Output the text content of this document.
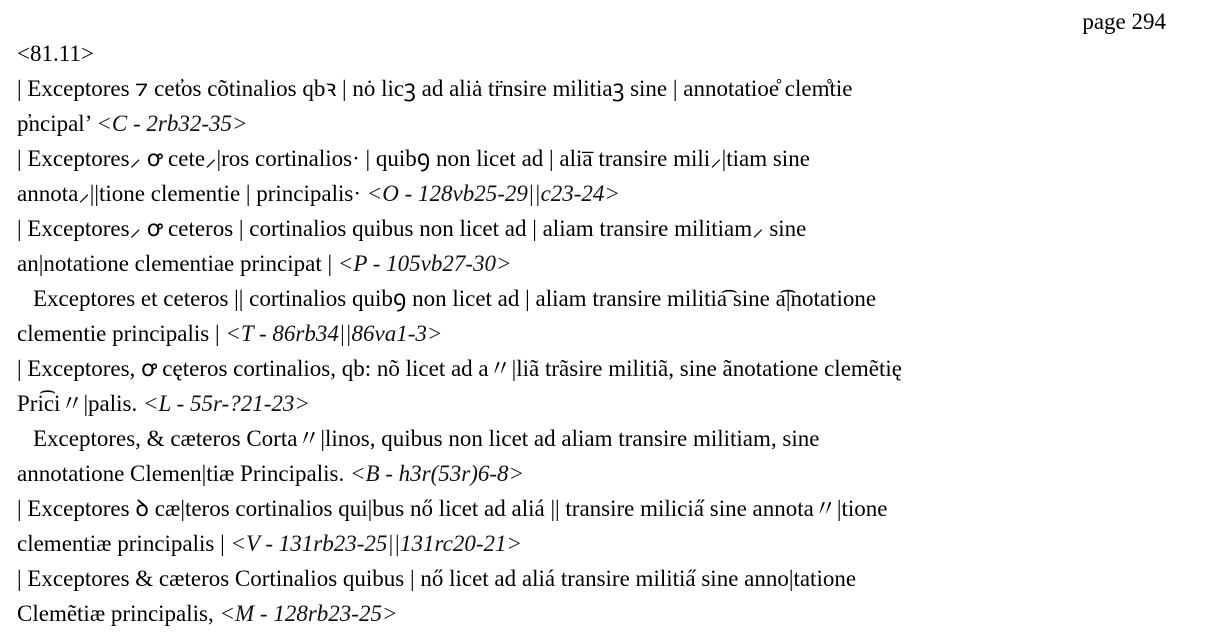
page 294
<81.11>
| Exceptores ⁊ cet̕os cõtinalios qbꝛ | nȯ licꝫ ad aliȧ tr̈nsire militiaꝫ sine | annotatioe̊ clem̊tie
p̕ncipal’ <C - 2rb32-35>
| Exceptores⸝ ꝍ cete⸝|ros cortinalios· | quibꝯ non licet ad | alia̅ transire mili⸝|tiam sine
annota⸝||tione clementie | principalis· <O - 128vb25-29||c23-24>
| Exceptores⸝ ꝍ ceteros | cortinalios quibus non licet ad | aliam transire militiam⸝ sine
an|notatione clementiae principat | <P - 105vb27-30>
Exceptores et ceteros || cortinalios quibꝯ non licet ad | aliam transire militia͡ sine a͡|notatione
clementie principalis | <T - 86rb34||86va1-3>
| Exceptores, ꝍ cęteros cortinalios, qb: nõ licet ad a〃|liã trãsire militiã, sine ãnotatione clemẽtię
Pri͡ci〃|palis. <L - 55r-?21-23>
Exceptores, & cæteros Corta〃|linos, quibus non licet ad aliam transire militiam, sine
annotatione Clemen|tiæ Principalis. <B - h3r(53r)6-8>
| Exceptores ꝺ cæ|teros cortinalios qui|bus nő licet ad aliá || transire milicia̋ sine annota〃|tione
clementiæ principalis | <V - 131rb23-25||131rc20-21>
| Exceptores & cæteros Cortinalios quibus | nő licet ad aliá transire militia̋ sine anno|tatione
Clemẽtiæ principalis, <M - 128rb23-25>
